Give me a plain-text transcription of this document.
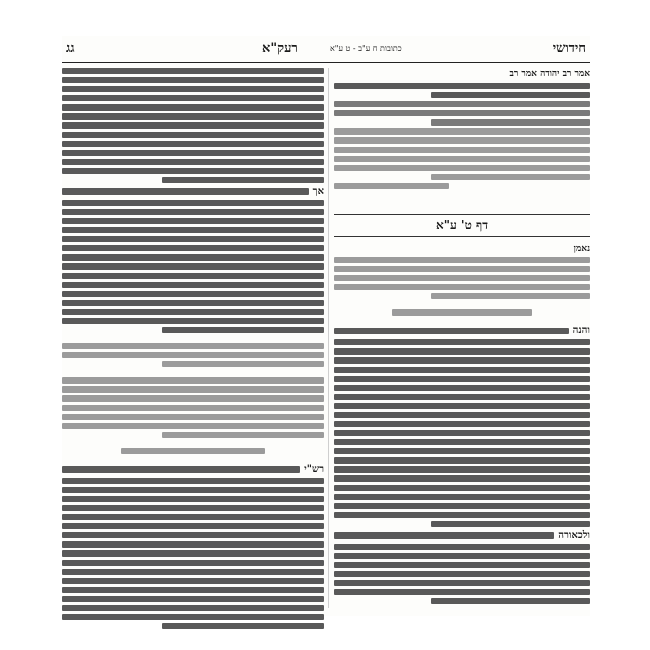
גג	רעק"א	כתובות ח ע"ב - ט ע"א	חידושי
אמר רב יהודה אמר רב
דף ט' ע"א
נאמן
והנה
ולכאורה
אך
רש"י
